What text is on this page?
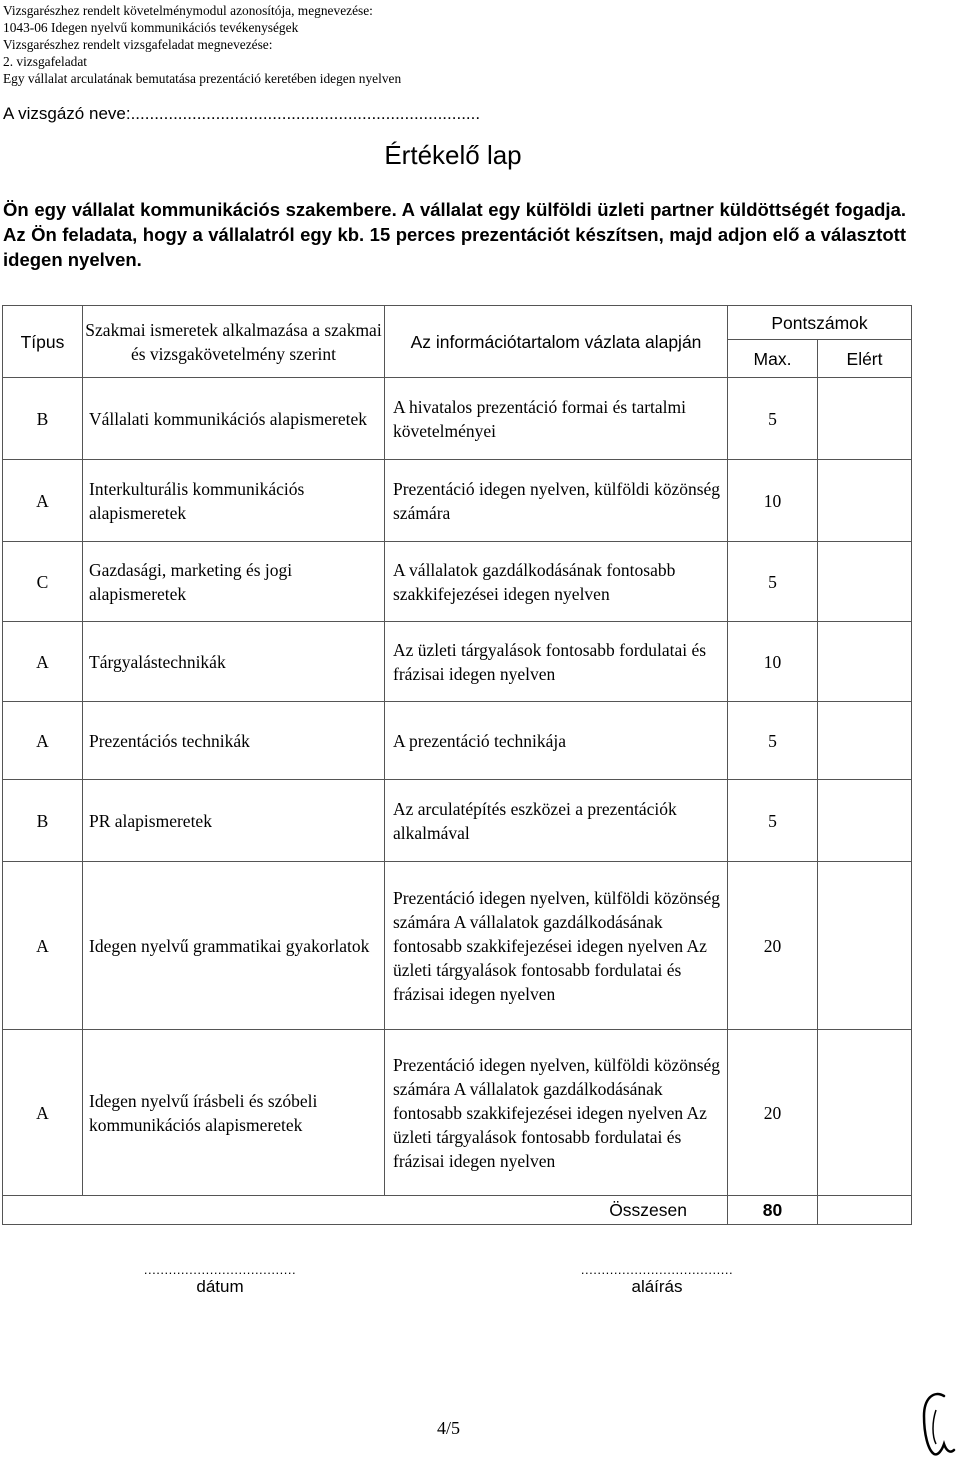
Vizsgarészhez rendelt követelménymodul azonosítója, megnevezése:
1043-06 Idegen nyelvű kommunikációs tevékenységek
Vizsgarészhez rendelt vizsgafeladat megnevezése:
2. vizsgafeladat
Egy vállalat arculatának bemutatása prezentáció keretében idegen nyelven
A vizsgázó neve:..........................................................................
Értékelő lap
Ön egy vállalat kommunikációs szakembere. A vállalat egy külföldi üzleti partner küldöttségét fogadja. Az Ön feladata, hogy a vállalatról egy kb. 15 perces prezentációt készítsen, majd adjon elő a választott idegen nyelven.
Típus	Szakmai ismeretek alkalmazása a szakmai és vizsgakövetelmény szerint	Az információtartalom vázlata alapján	Pontszámok	
			Max.	Elért
B	Vállalati kommunikációs alapismeretek	A hivatalos prezentáció formai és tartalmi követelményei	5	
A	Interkulturális kommunikációs alapismeretek	Prezentáció idegen nyelven, külföldi közönség számára	10	
C	Gazdasági, marketing és jogi alapismeretek	A vállalatok gazdálkodásának fontosabb szakkifejezései idegen nyelven	5	
A	Tárgyalástechnikák	Az üzleti tárgyalások fontosabb fordulatai és frázisai idegen nyelven	10	
A	Prezentációs technikák	A prezentáció technikája	5	
B	PR alapismeretek	Az arculatépítés eszközei a prezentációk alkalmával	5	
A	Idegen nyelvű grammatikai gyakorlatok	Prezentáció idegen nyelven, külföldi közönség számára A vállalatok gazdálkodásának fontosabb szakkifejezései idegen nyelven Az üzleti tárgyalások fontosabb fordulatai és frázisai idegen nyelven	20	
A	Idegen nyelvű írásbeli és szóbeli kommunikációs alapismeretek	Prezentáció idegen nyelven, külföldi közönség számára A vállalatok gazdálkodásának fontosabb szakkifejezései idegen nyelven Az üzleti tárgyalások fontosabb fordulatai és frázisai idegen nyelven	20	
Összesen			80	
.....................................
dátum
.....................................
aláírás
4/5
